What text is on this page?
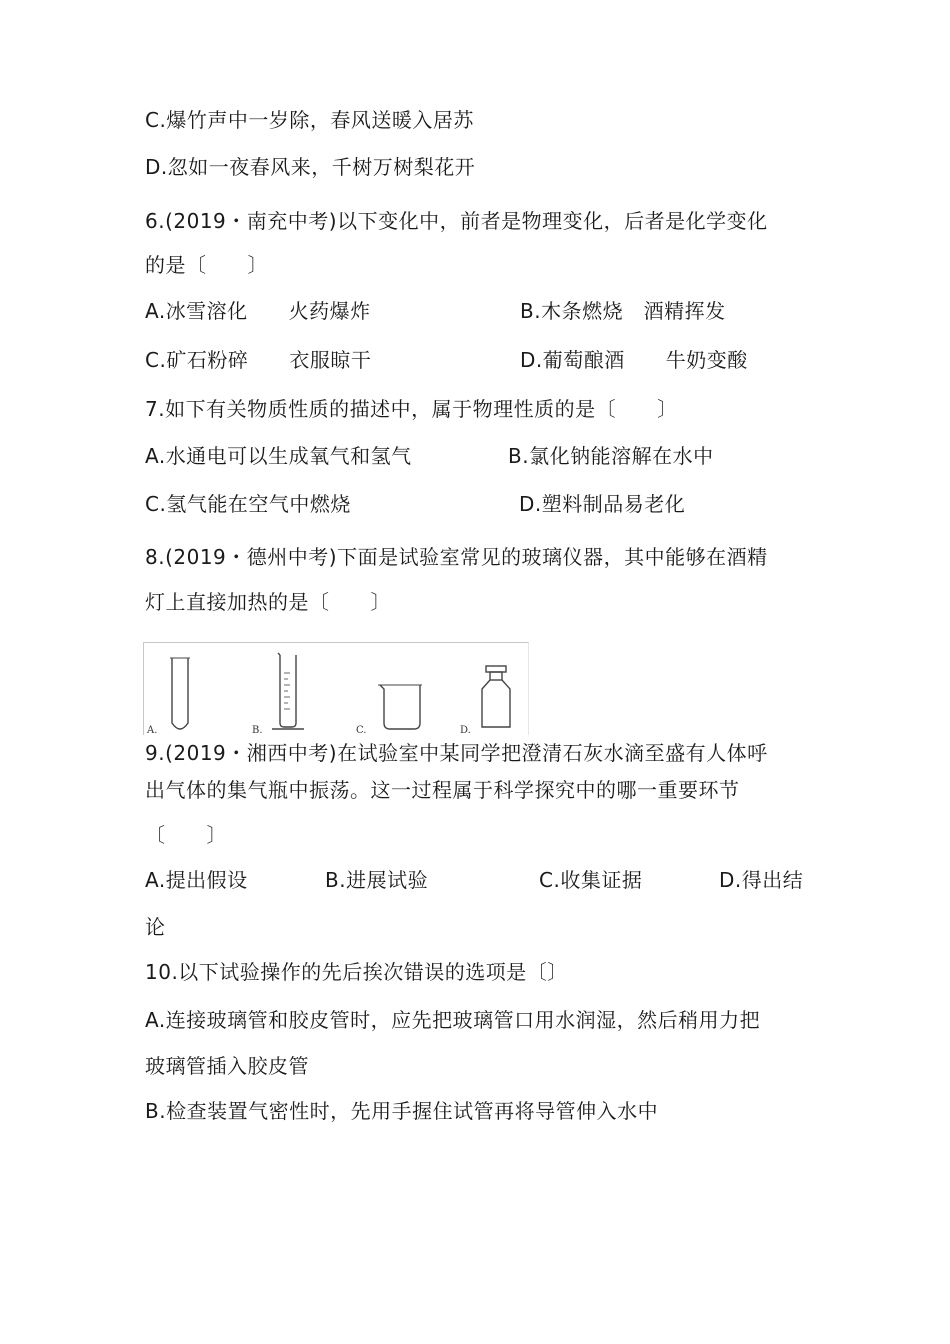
C.爆竹声中一岁除，春风送暖入居苏
D.忽如一夜春风来，千树万树梨花开
6.(2019・南充中考)以下变化中，前者是物理变化，后者是化学变化
的是〔　　〕
A.冰雪溶化　　火药爆炸	B.木条燃烧　酒精挥发
C.矿石粉碎　　衣服晾干	D.葡萄酿酒　　牛奶变酸
7.如下有关物质性质的描述中，属于物理性质的是〔　　〕
A.水通电可以生成氧气和氢气	B.氯化钠能溶解在水中
C.氢气能在空气中燃烧	D.塑料制品易老化
8.(2019・德州中考)下面是试验室常见的玻璃仪器，其中能够在酒精
灯上直接加热的是〔　　〕
A.	B.	C.	D.
9.(2019・湘西中考)在试验室中某同学把澄清石灰水滴至盛有人体呼
出气体的集气瓶中振荡。这一过程属于科学探究中的哪一重要环节
〔　　〕
A.提出假设	B.进展试验	C.收集证据	D.得出结
论
10.以下试验操作的先后挨次错误的选项是〔〕
A.连接玻璃管和胶皮管时，应先把玻璃管口用水润湿，然后稍用力把
玻璃管插入胶皮管
B.检查装置气密性时，先用手握住试管再将导管伸入水中
